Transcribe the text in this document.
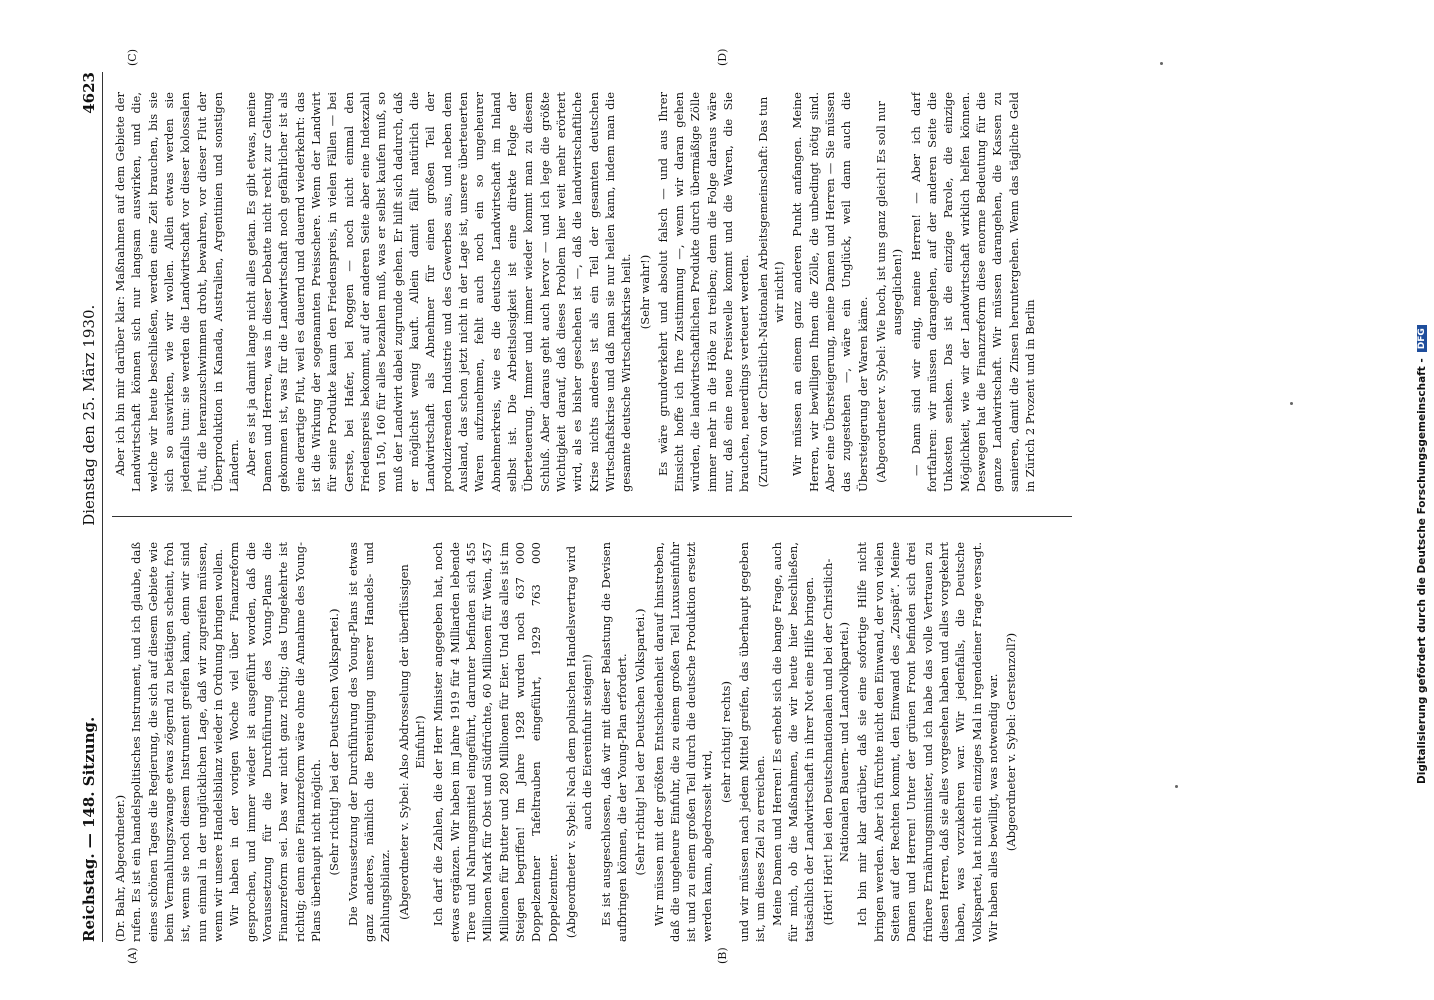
Reichstag. — 148. Sitzung.
Dienstag den 25. März 1930.
4623

(Dr. Bahr, Abgeordneter.) rufen. Es ist ein handelspolitisches Instrument, und ich glaube, daß eines schönen Tages die Regierung, die sich auf diesem Gebiete wie beim Vermahlungszwange etwas zögernd zu betätigen scheint, froh ist, wenn sie noch diesem Instrument greifen kann, denn wir sind nun einmal in der unglücklichen Lage, daß wir zugreifen müssen, wenn wir unsere Handelsbilanz wieder in Ordnung bringen wollen. Wir haben in der vorigen Woche viel über Finanzreform gesprochen, und immer wieder ist ausgeführt worden, daß die Voraussetzung für die Durchführung des Young-Plans die Finanzreform sei. Das war nicht ganz richtig; das Umgekehrte ist richtig; denn eine Finanzreform wäre ohne die Annahme des Young-Plans überhaupt nicht möglich. (Sehr richtig! bei der Deutschen Volkspartei.) Die Voraussetzung der Durchführung des Young-Plans ist etwas ganz anderes, nämlich die Bereinigung unserer Handels- und Zahlungsbilanz. (Abgeordneter v. Sybel: Also Abdrosselung der überflüssigen Einfuhr!) Ich darf die Zahlen, die der Herr Minister angegeben hat, noch etwas ergänzen. Wir haben im Jahre 1919 für 4 Milliarden lebende Tiere und Nahrungsmittel eingeführt, darunter befinden sich 455 Millionen Mark für Obst und Südfrüchte, 60 Millionen für Wein, 457 Millionen für Butter und 280 Millionen für Eier. Und das alles ist im Steigen begriffen! Im Jahre 1928 wurden noch 637 000 Doppelzentner Tafeltrauben eingeführt, 1929 763 000 Doppelzentner. (Abgeordneter v. Sybel: Nach dem polnischen Handelsvertrag wird auch die Eiereinfuhr steigen!) Es ist ausgeschlossen, daß wir mit dieser Belastung die Devisen aufbringen können, die der Young-Plan erfordert. (Sehr richtig! bei der Deutschen Volkspartei.) Wir müssen mit der größten Entschiedenheit darauf hinstreben, daß die ungeheure Einfuhr, die zu einem großen Teil Luxuseinfuhr ist und zu einem großen Teil durch die deutsche Produktion ersetzt werden kann, abgedrosselt wird,

(sehr richtig! rechts) und wir müssen nach jedem Mittel greifen, das überhaupt gegeben ist, um dieses Ziel zu erreichen. Meine Damen und Herren! Es erhebt sich die bange Frage, auch für mich, ob die Maßnahmen, die wir heute hier beschließen, tatsächlich der Landwirtschaft in ihrer Not eine Hilfe bringen. (Hört! Hört! bei den Deutschnationalen und bei der Christlich-Nationalen Bauern- und Landvolkpartei.) Ich bin mir klar darüber, daß sie eine sofortige Hilfe nicht bringen werden. Aber ich fürchte nicht den Einwand, der von vielen Seiten auf der Rechten kommt, den Einwand des „Zuspät“. Meine Damen und Herren! Unter der grünen Front befinden sich drei frühere Ernährungsminister, und ich habe das volle Vertrauen zu diesen Herren, daß sie alles vorgesehen haben und alles vorgekehrt haben, was vorzukehren war. Wir jedenfalls, die Deutsche Volkspartei, hat nicht ein einziges Mal in irgendeiner Frage versagt. Wir haben alles bewilligt, was notwendig war. (Abgeordneter v. Sybel: Gerstenzoll?)

Aber ich bin mir darüber klar: Maßnahmen auf dem Gebiete der Landwirtschaft können sich nur langsam auswirken, und die, welche wir heute beschließen, werden eine Zeit brauchen, bis sie sich so auswirken, wie wir wollen. Allein etwas werden sie jedenfalls tun: sie werden die Landwirtschaft vor dieser kolossalen Flut, die heranzuschwimmen droht, bewahren, vor dieser Flut der Überproduktion in Kanada, Australien, Argentinien und sonstigen Ländern. Aber es ist ja damit lange nicht alles getan. Es gibt etwas, meine Damen und Herren, was in dieser Debatte nicht recht zur Geltung gekommen ist, was für die Landwirtschaft noch gefährlicher ist als eine derartige Flut, weil es dauernd und dauernd wiederkehrt: das ist die Wirkung der sogenannten Preisschere. Wenn der Landwirt für seine Produkte kaum den Friedenspreis, in vielen Fällen — bei Gerste, bei Hafer, bei Roggen — noch nicht einmal den Friedenspreis bekommt, auf der anderen Seite aber eine Indexzahl von 150, 160 für alles bezahlen muß, was er selbst kaufen muß, so muß der Landwirt dabei zugrunde gehen. Er hilft sich dadurch, daß er möglichst wenig kauft. Allein damit fällt natürlich die Landwirtschaft als Abnehmer für einen großen Teil der produzierenden Industrie und des Gewerbes aus, und neben dem Ausland, das schon jetzt nicht in der Lage ist, unsere überteuerten Waren aufzunehmen, fehlt auch noch ein so ungeheurer Abnehmerkreis, wie es die deutsche Landwirtschaft im Inland selbst ist. Die Arbeitslosigkeit ist eine direkte Folge der Überteuerung. Immer und immer wieder kommt man zu diesem Schluß. Aber daraus geht auch hervor — und ich lege die größte Wichtigkeit darauf, daß dieses Problem hier weit mehr erörtert wird, als es bisher geschehen ist —, daß die landwirtschaftliche Krise nichts anderes ist als ein Teil der gesamten deutschen Wirtschaftskrise und daß man sie nur heilen kann, indem man die gesamte deutsche Wirtschaftskrise heilt. (Sehr wahr!) Es wäre grundverkehrt und absolut falsch — und aus Ihrer Einsicht hoffe ich Ihre Zustimmung —, wenn wir daran gehen würden, die landwirtschaftlichen Produkte durch übermäßige Zölle immer mehr in die Höhe zu treiben; denn die Folge daraus wäre nur, daß eine neue Preiswelle kommt und die Waren, die Sie brauchen, neuerdings verteuert werden. (Zuruf von der Christlich-Nationalen Arbeitsgemeinschaft: Das tun wir nicht!) Wir müssen an einem ganz anderen Punkt anfangen. Meine Herren, wir bewilligen Ihnen die Zölle, die unbedingt nötig sind. Aber eine Übersteigerung, meine Damen und Herren — Sie müssen das zugestehen —, wäre ein Unglück, weil dann auch die Übersteigerung der Waren käme. (Abgeordneter v. Sybel: Wie hoch, ist uns ganz gleich! Es soll nur ausgeglichen!) — Dann sind wir einig, meine Herren! — Aber ich darf fortfahren: wir müssen darangehen, auf der anderen Seite die Unkosten senken. Das ist die einzige Parole, die einzige Möglichkeit, wie wir der Landwirtschaft wirklich helfen können. Deswegen hat die Finanzreform diese enorme Bedeutung für die ganze Landwirtschaft. Wir müssen darangehen, die Kassen zu sanieren, damit die Zinsen heruntergehen. Wenn das tägliche Geld in Zürich 2 Prozent und in Berlin

(A)	(B)
(C)	(D)
Digitalisierung gefördert durch die Deutsche Forschungsgemeinschaft -
DFG
